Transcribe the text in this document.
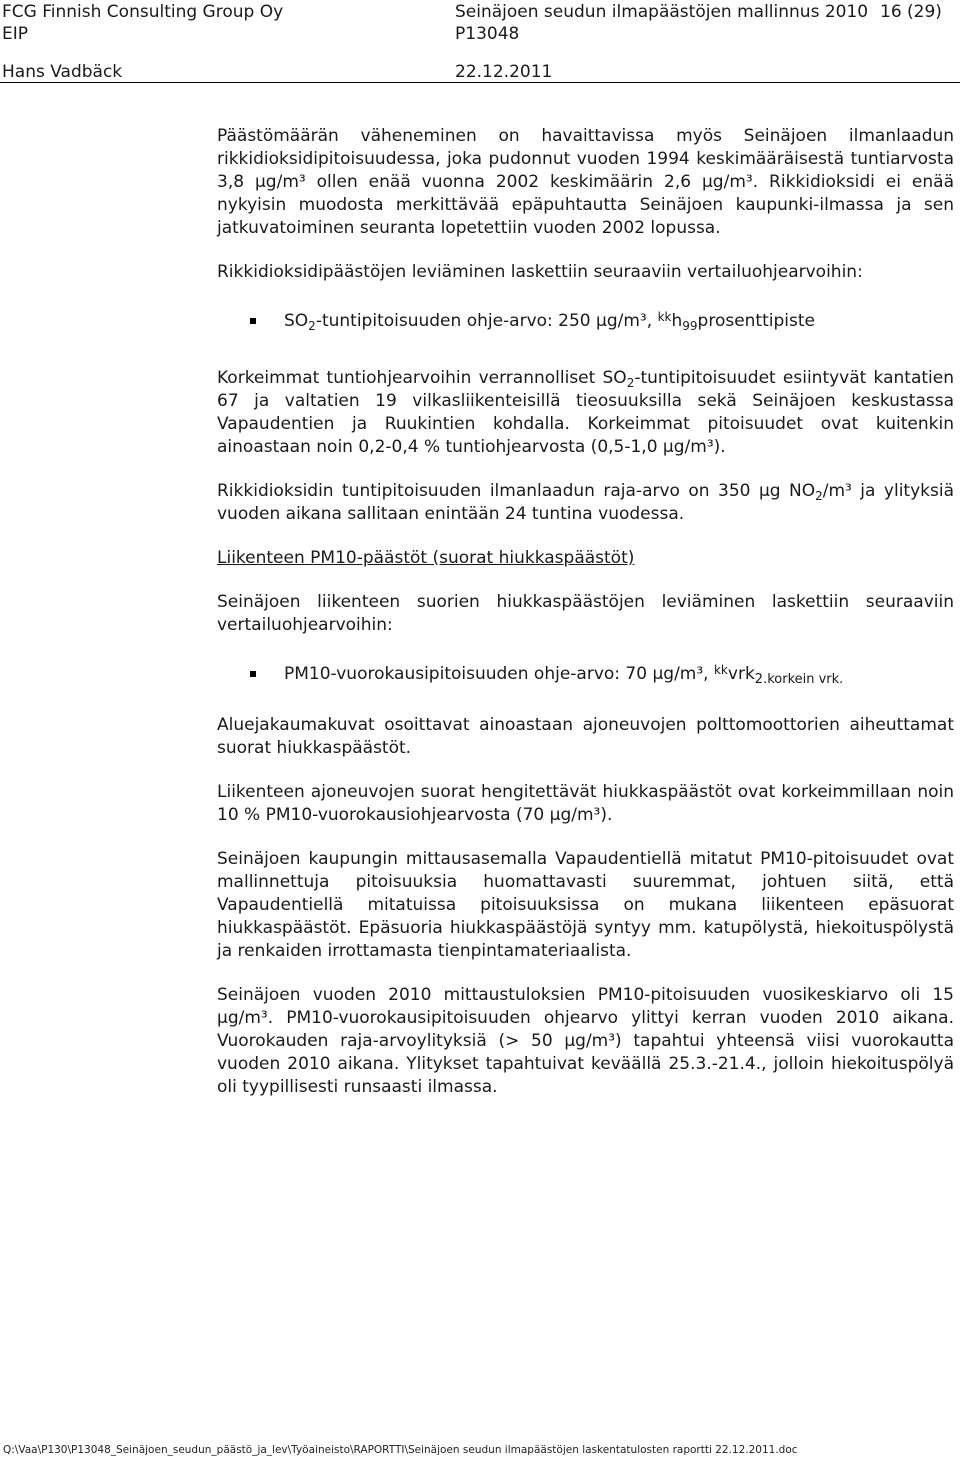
FCG Finnish Consulting Group Oy
EIP
Hans Vadbäck
Seinäjoen seudun ilmapäästöjen mallinnus 2010
P13048
22.12.2011
16 (29)

Päästömäärän väheneminen on havaittavissa myös Seinäjoen ilmanlaadun rikkidioksidipitoisuudessa, joka pudonnut vuoden 1994 keskimääräisestä tuntiarvosta 3,8 µg/m³ ollen enää vuonna 2002 keskimäärin 2,6 µg/m³. Rikkidioksidi ei enää nykyisin muodosta merkittävää epäpuhtautta Seinäjoen kaupunki-ilmassa ja sen jatkuvatoiminen seuranta lopetettiin vuoden 2002 lopussa.

Rikkidioksidipäästöjen leviäminen laskettiin seuraaviin vertailuohjearvoihin:

$SO_2$-tuntipitoisuuden ohje-arvo: 250 µg/m³, $^{kk}h_{99}prosenttipiste$

Korkeimmat tuntiohjearvoihin verrannolliset $SO_2$-tuntipitoisuudet esiintyvät kantatien 67 ja valtatien 19 vilkasliikenteisillä tieosuuksilla sekä Seinäjoen keskustassa Vapaudentien ja Ruukintien kohdalla. Korkeimmat pitoisuudet ovat kuitenkin ainoastaan noin 0,2-0,4 % tuntiohjearvosta (0,5-1,0 µg/m³).

Rikkidioksidin tuntipitoisuuden ilmanlaadun raja-arvo on 350 µg $NO_2/m^3$ ja ylityksiä vuoden aikana sallitaan enintään 24 tuntina vuodessa.

Liikenteen PM10-päästöt (suorat hiukkaspäästöt)

Seinäjoen liikenteen suorien hiukkaspäästöjen leviäminen laskettiin seuraaviin vertailuohjearvoihin:

PM10-vuorokausipitoisuuden ohje-arvo: 70 µg/m³, $^{kk}$vrk$_{2.korkein vrk.}$

Aluejakaumakuvat osoittavat ainoastaan ajoneuvojen polttomoottorien aiheuttamat suorat hiukkaspäästöt.

Liikenteen ajoneuvojen suorat hengitettävät hiukkaspäästöt ovat korkeimmillaan noin 10 % PM10-vuorokausiohjearvosta (70 µg/m³).

Seinäjoen kaupungin mittausasemalla Vapaudentiellä mitatut PM10-pitoisuudet ovat mallinnettuja pitoisuuksia huomattavasti suuremmat, johtuen siitä, että Vapaudentiellä mitatuissa pitoisuuksissa on mukana liikenteen epäsuorat hiukkaspäästöt. Epäsuoria hiukkaspäästöjä syntyy mm. katupölystä, hiekoituspölystä ja renkaiden irrottamasta tienpintamateriaalista.

Seinäjoen vuoden 2010 mittaustuloksien PM10-pitoisuuden vuosikeskiarvo oli 15 µg/m³. PM10-vuorokausipitoisuuden ohjearvo ylittyi kerran vuoden 2010 aikana. Vuorokauden raja-arvoylityksiä (> 50 µg/m³) tapahtui yhteensä viisi vuorokautta vuoden 2010 aikana. Ylitykset tapahtuivat keväällä 25.3.-21.4., jolloin hiekoituspölyä oli tyypillisesti runsaasti ilmassa.

Q:\Vaa\P130\P13048_Seinäjoen_seudun_päästö_ja_lev\Työaineisto\RAPORTTI\Seinäjoen seudun ilmapäästöjen laskentatulosten raportti 22.12.2011.doc
